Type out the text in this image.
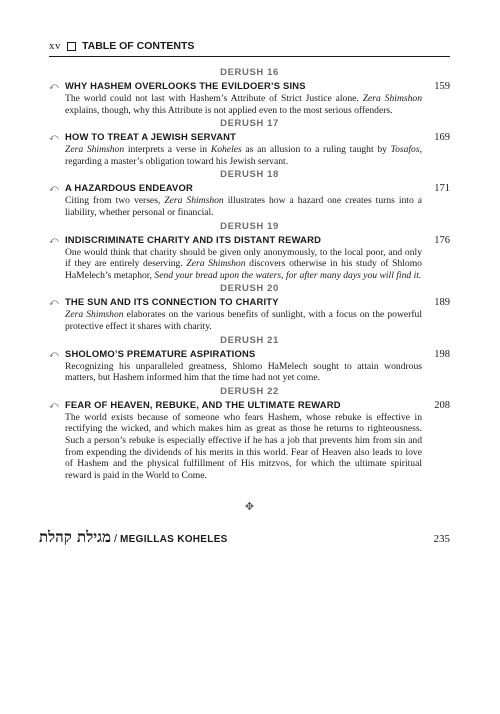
xv TABLE OF CONTENTS
DERUSH 16
⤺ WHY HASHEM OVERLOOKS THE EVILDOER’S SINS	159
The world could not last with Hashem’s Attribute of Strict Justice alone. Zera Shimshon explains, though, why this Attribute is not applied even to the most serious offenders.
DERUSH 17
⤺ HOW TO TREAT A JEWISH SERVANT	169
Zera Shimshon interprets a verse in Koheles as an allusion to a ruling taught by Tosafos, regarding a master’s obligation toward his Jewish servant.
DERUSH 18
⤺ A HAZARDOUS ENDEAVOR	171
Citing from two verses, Zera Shimshon illustrates how a hazard one creates turns into a liability, whether personal or financial.
DERUSH 19
⤺ INDISCRIMINATE CHARITY AND ITS DISTANT REWARD	176
One would think that charity should be given only anonymously, to the local poor, and only if they are entirely deserving. Zera Shimshon discovers otherwise in his study of Shlomo HaMelech’s metaphor, Send your bread upon the waters, for after many days you will find it.
DERUSH 20
⤺ THE SUN AND ITS CONNECTION TO CHARITY	189
Zera Shimshon elaborates on the various benefits of sunlight, with a focus on the powerful protective effect it shares with charity.
DERUSH 21
⤺ SHOLOMO’S PREMATURE ASPIRATIONS	198
Recognizing his unparalleled greatness, Shlomo HaMelech sought to attain wondrous matters, but Hashem informed him that the time had not yet come.
DERUSH 22
⤺ FEAR OF HEAVEN, REBUKE, AND THE ULTIMATE REWARD	208
The world exists because of someone who fears Hashem, whose rebuke is effective in rectifying the wicked, and which makes him as great as those he returns to righteousness. Such a person’s rebuke is especially effective if he has a job that prevents him from sin and from expending the dividends of his merits in this world. Fear of Heaven also leads to love of Hashem and the physical fulfillment of His mitzvos, for which the ultimate spiritual reward is paid in the World to Come.
✥
מגילת קהלת / MEGILLAS KOHELES	235
